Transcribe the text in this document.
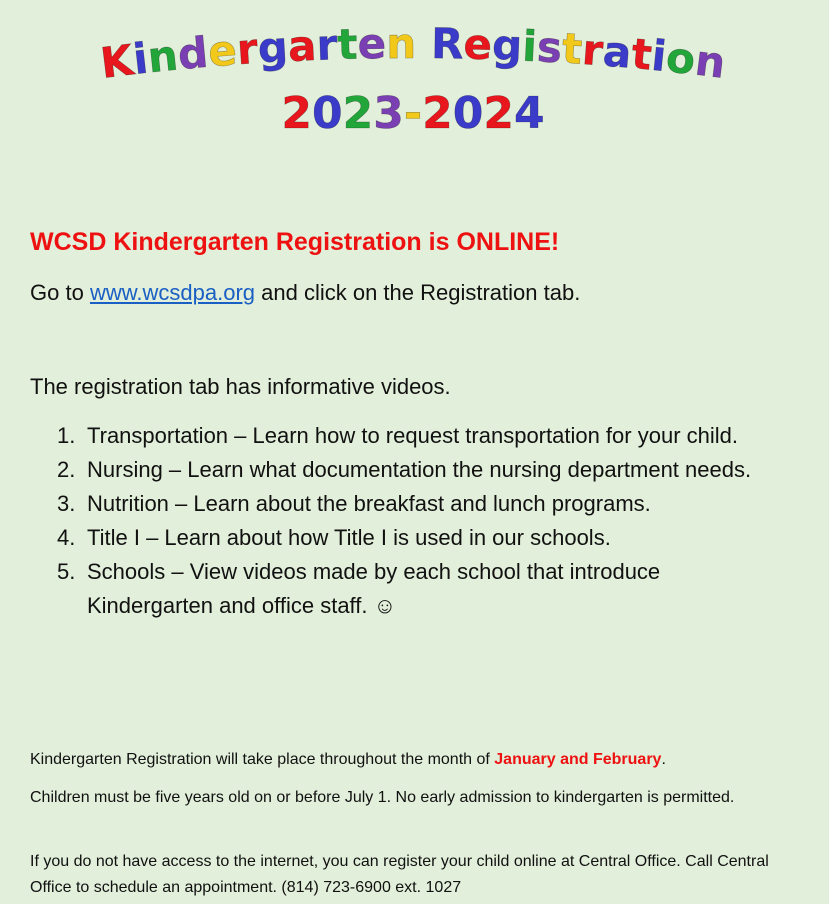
K
i
n
d
e
r
g
a
r
t e n
R e
g
i
s
t
r
a
t
i
o
n
2 0 2 3 - 2 0 2 4

WCSD Kindergarten Registration is ONLINE!

Go to www.wcsdpa.org and click on the Registration tab.

The registration tab has informative videos.

1. Transportation – Learn how to request transportation for your child.
2. Nursing – Learn what documentation the nursing department needs.
3. Nutrition – Learn about the breakfast and lunch programs.
4. Title I – Learn about how Title I is used in our schools.
5. Schools – View videos made by each school that introduce Kindergarten and office staff. ☺

Kindergarten Registration will take place throughout the month of January and February.

Children must be five years old on or before July 1. No early admission to kindergarten is permitted.

If you do not have access to the internet, you can register your child online at Central Office. Call Central Office to schedule an appointment. (814) 723-6900 ext. 1027
